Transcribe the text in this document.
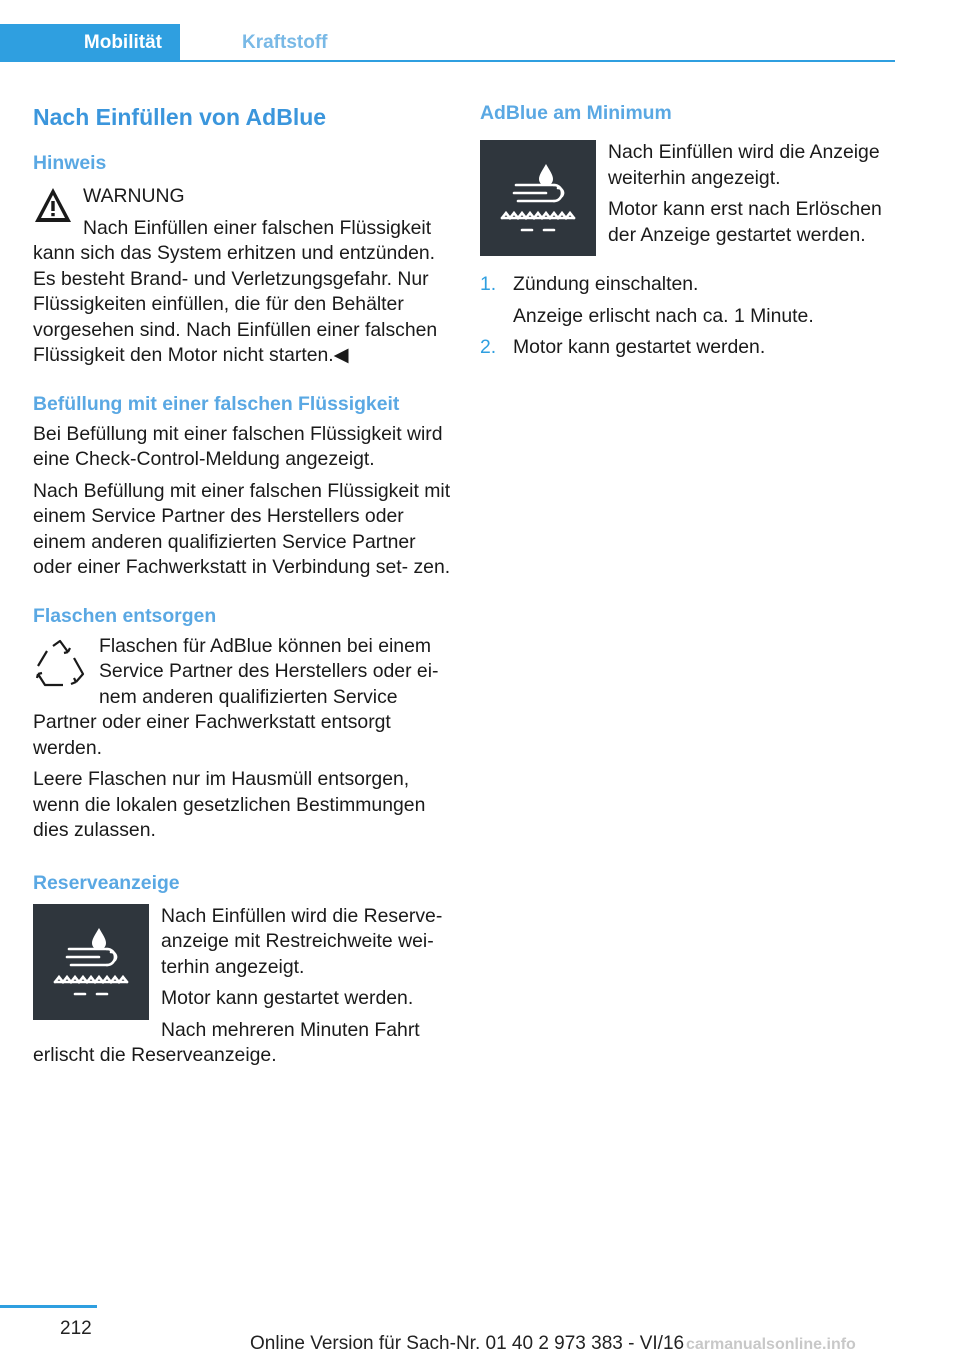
Mobilität	Kraftstoff
Nach Einfüllen von AdBlue
Hinweis

WARNUNG

Nach Einfüllen einer falschen Flüssigkeit kann sich das System erhitzen und entzünden. Es besteht Brand- und Verletzungsgefahr. Nur Flüssigkeiten einfüllen, die für den Behälter vorgesehen sind. Nach Einfüllen einer falschen Flüssigkeit den Motor nicht starten.◀

Befüllung mit einer falschen Flüssigkeit

Bei Befüllung mit einer falschen Flüssigkeit wird eine Check-Control-Meldung angezeigt.

Nach Befüllung mit einer falschen Flüssigkeit mit einem Service Partner des Herstellers oder einem anderen qualifizierten Service Partner oder einer Fachwerkstatt in Verbindung set‐ zen.

Flaschen entsorgen

Flaschen für AdBlue können bei einem Service Partner des Herstellers oder ei‐ nem anderen qualifizierten Service Partner oder einer Fachwerkstatt entsorgt werden.

Leere Flaschen nur im Hausmüll entsorgen, wenn die lokalen gesetzlichen Bestimmungen dies zulassen.

Reserveanzeige

Nach Einfüllen wird die Reserve‐ anzeige mit Restreichweite wei‐ terhin angezeigt.

Motor kann gestartet werden.

Nach mehreren Minuten Fahrt erlischt die Reserveanzeige.

AdBlue am Minimum

Nach Einfüllen wird die Anzeige weiterhin angezeigt.

Motor kann erst nach Erlöschen der Anzeige gestartet werden.

1. Zündung einschalten.

Anzeige erlischt nach ca. 1 Minute.

2. Motor kann gestartet werden.

212
Online Version für Sach-Nr. 01 40 2 973 383 - VI/16 carmanualsonline.info
